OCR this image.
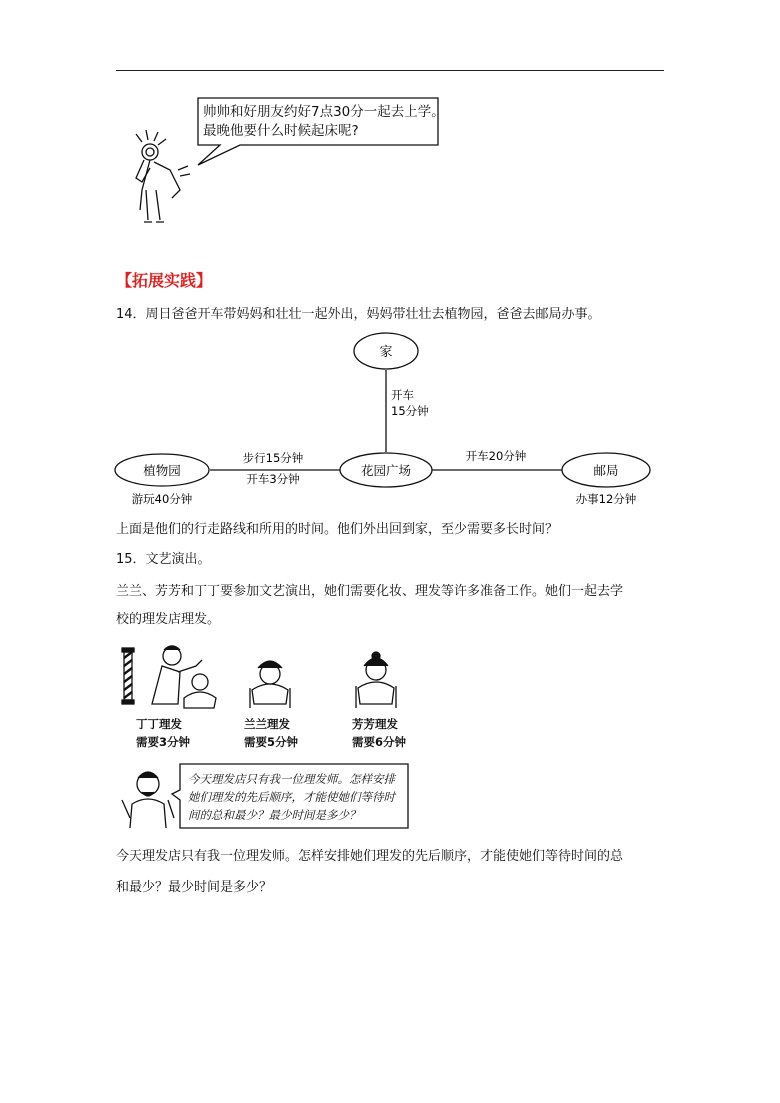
帅帅和好朋友约好7点30分一起去上学。
最晚他要什么时候起床呢?
【拓展实践】
14．周日爸爸开车带妈妈和壮壮一起外出，妈妈带壮壮去植物园，爸爸去邮局办事。
家
植物园	花园广场	邮局
开车
15分钟
步行15分钟
开车3分钟
开车20分钟
游玩40分钟	办事12分钟
上面是他们的行走路线和所用的时间。他们外出回到家，至少需要多长时间？
15．文艺演出。
兰兰、芳芳和丁丁要参加文艺演出，她们需要化妆、理发等许多准备工作。她们一起去学
校的理发店理发。
丁丁理发
需要3分钟
兰兰理发
需要5分钟
芳芳理发
需要6分钟
今天理发店只有我一位理发师。怎样安排
她们理发的先后顺序，才能使她们等待时
间的总和最少？最少时间是多少？
今天理发店只有我一位理发师。怎样安排她们理发的先后顺序，才能使她们等待时间的总
和最少？最少时间是多少？
